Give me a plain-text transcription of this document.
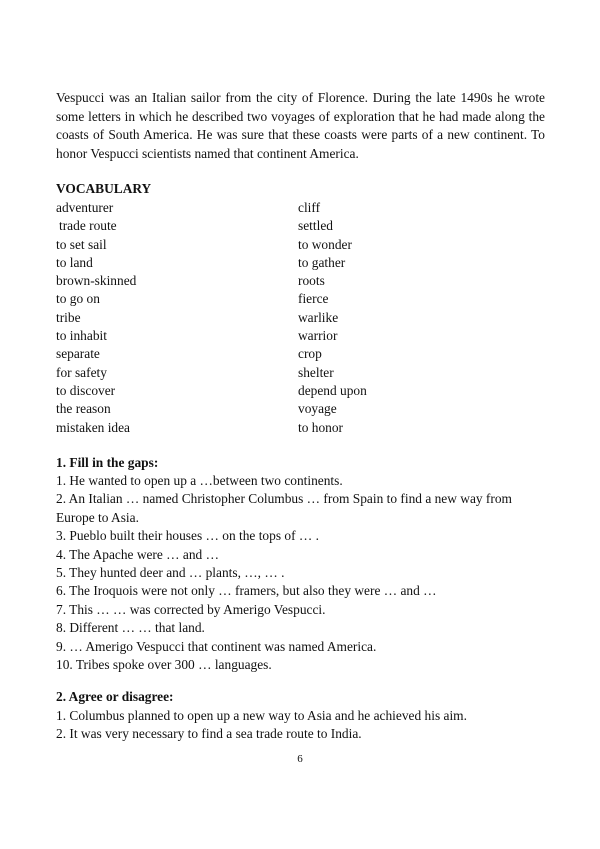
Vespucci was an Italian sailor from the city of Florence. During the late 1490s he wrote some letters in which he described two voyages of exploration that he had made along the coasts of South America. He was sure that these coasts were parts of a new continent. To honor Vespucci scientists named that continent America.

VOCABULARY

adventurer
trade route
to set sail
to land
brown-skinned
to go on
tribe
to inhabit
separate
for safety
to discover
the reason
mistaken idea
cliff
settled
to wonder
to gather
roots
fierce
warlike
warrior
crop
shelter
depend upon
voyage
to honor

1. Fill in the gaps:

1. He wanted to open up a …between two continents.
2. An Italian … named Christopher Columbus … from Spain to find a new way from Europe to Asia.
3. Pueblo built their houses … on the tops of … .
4. The Apache were … and …
5. They hunted deer and … plants, …, … .
6. The Iroquois were not only … framers, but also they were … and …
7. This … … was corrected by Amerigo Vespucci.
8. Different … … that land.
9. … Amerigo Vespucci that continent was named America.
10. Tribes spoke over 300 … languages.

2. Agree or disagree:

1. Columbus planned to open up a new way to Asia and he achieved his aim.
2. It was very necessary to find a sea trade route to India.

6
